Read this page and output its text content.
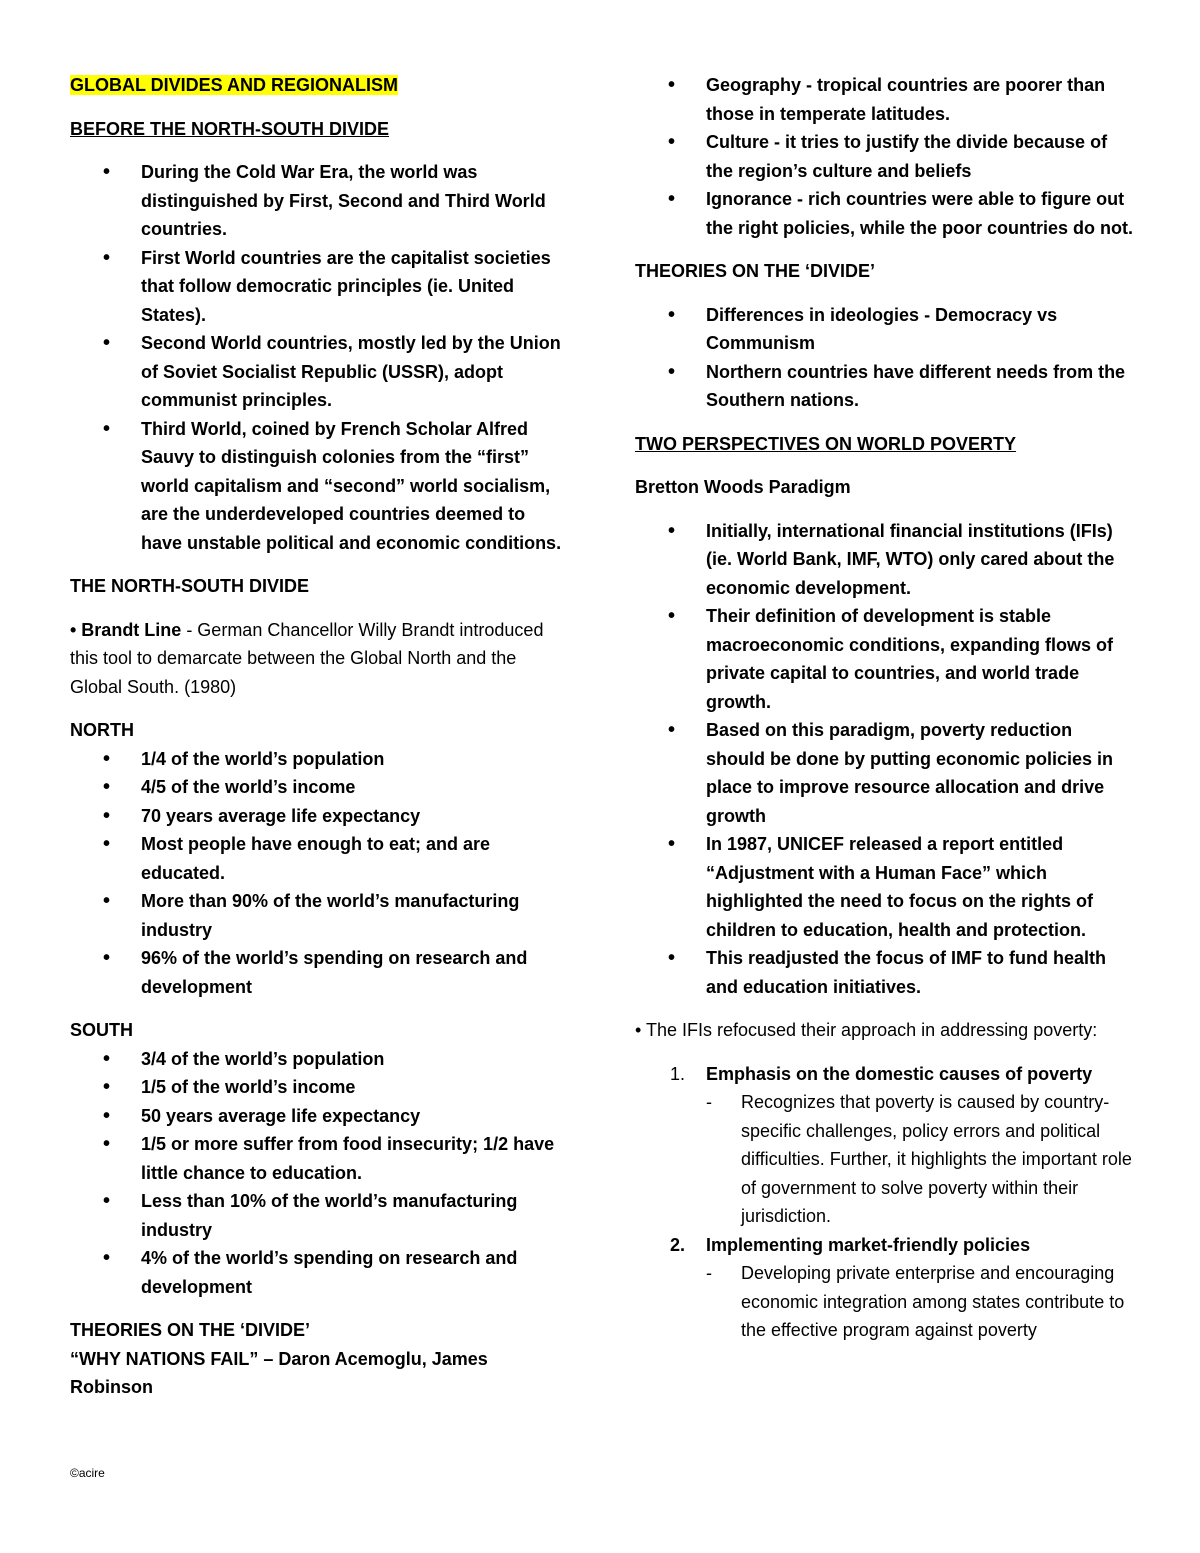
GLOBAL DIVIDES AND REGIONALISM

BEFORE THE NORTH-SOUTH DIVIDE

• During the Cold War Era, the world was distinguished by First, Second and Third World countries.
• First World countries are the capitalist societies that follow democratic principles (ie. United States).
• Second World countries, mostly led by the Union of Soviet Socialist Republic (USSR), adopt communist principles.
• Third World, coined by French Scholar Alfred Sauvy to distinguish colonies from the “first” world capitalism and “second” world socialism, are the underdeveloped countries deemed to have unstable political and economic conditions.

THE NORTH-SOUTH DIVIDE

• Brandt Line - German Chancellor Willy Brandt introduced this tool to demarcate between the Global North and the Global South. (1980)

NORTH

• 1/4 of the world’s population
• 4/5 of the world’s income
• 70 years average life expectancy
• Most people have enough to eat; and are educated.
• More than 90% of the world’s manufacturing industry
• 96% of the world’s spending on research and development

SOUTH

• 3/4 of the world’s population
• 1/5 of the world’s income
• 50 years average life expectancy
• 1/5 or more suffer from food insecurity; 1/2 have little chance to education.
• Less than 10% of the world’s manufacturing industry
• 4% of the world’s spending on research and development

THEORIES ON THE ‘DIVIDE’

“WHY NATIONS FAIL” – Daron Acemoglu, James Robinson

• Geography - tropical countries are poorer than those in temperate latitudes.
• Culture - it tries to justify the divide because of the region’s culture and beliefs
• Ignorance - rich countries were able to figure out the right policies, while the poor countries do not.

THEORIES ON THE ‘DIVIDE’

• Differences in ideologies - Democracy vs Communism
• Northern countries have different needs from the Southern nations.

TWO PERSPECTIVES ON WORLD POVERTY

Bretton Woods Paradigm

• Initially, international financial institutions (IFIs) (ie. World Bank, IMF, WTO) only cared about the economic development.
• Their definition of development is stable macroeconomic conditions, expanding flows of private capital to countries, and world trade growth.
• Based on this paradigm, poverty reduction should be done by putting economic policies in place to improve resource allocation and drive growth
• In 1987, UNICEF released a report entitled “Adjustment with a Human Face” which highlighted the need to focus on the rights of children to education, health and protection.
• This readjusted the focus of IMF to fund health and education initiatives.

• The IFIs refocused their approach in addressing poverty:

1. Emphasis on the domestic causes of poverty
- Recognizes that poverty is caused by country-specific challenges, policy errors and political difficulties. Further, it highlights the important role of government to solve poverty within their jurisdiction.
2. Implementing market-friendly policies
- Developing private enterprise and encouraging economic integration among states contribute to the effective program against poverty
©acire
